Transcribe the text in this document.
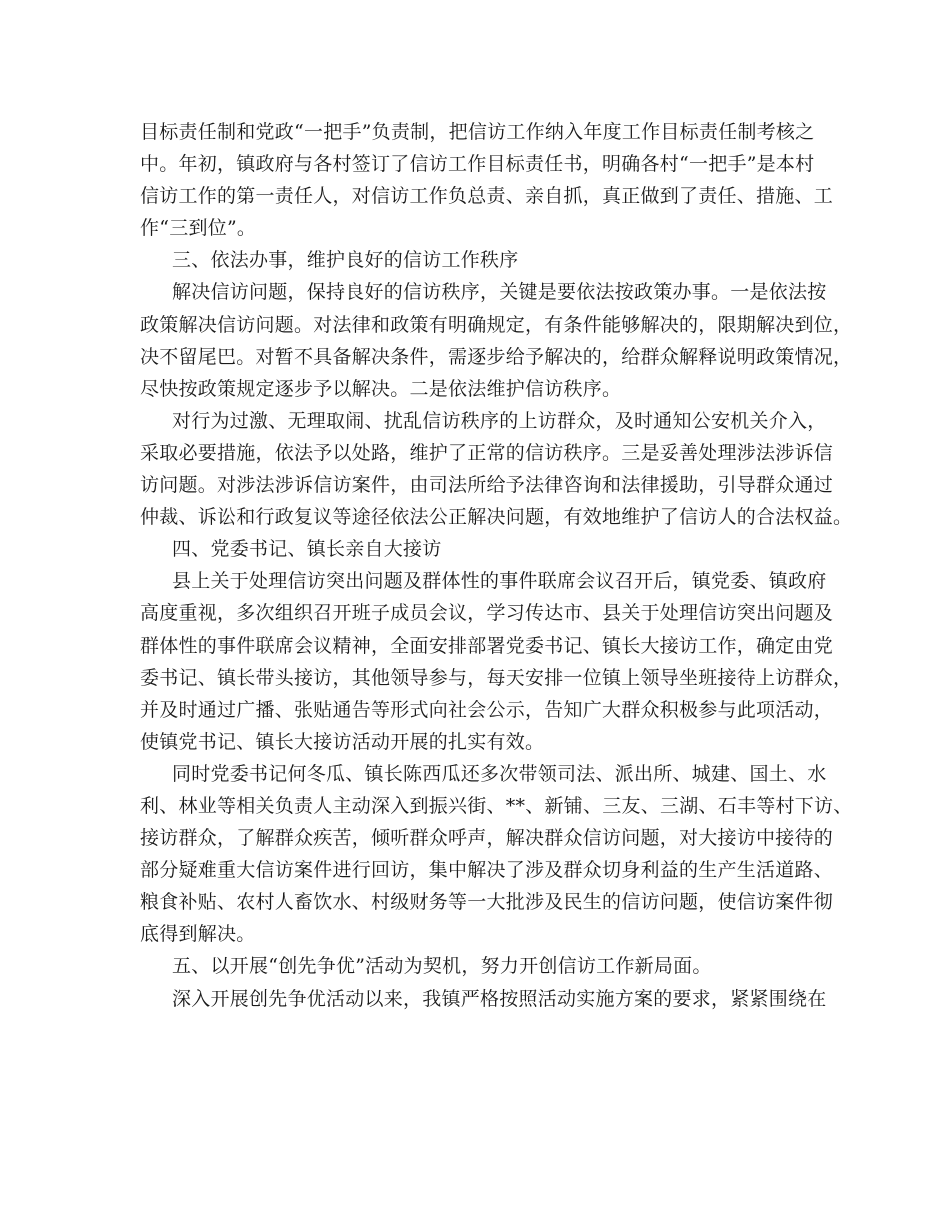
目标责任制和党政“一把手”负责制，把信访工作纳入年度工作目标责任制考核之
中。年初，镇政府与各村签订了信访工作目标责任书，明确各村“一把手”是本村
信访工作的第一责任人，对信访工作负总责、亲自抓，真正做到了责任、措施、工
作“三到位”。
三、依法办事，维护良好的信访工作秩序
解决信访问题，保持良好的信访秩序，关键是要依法按政策办事。一是依法按
政策解决信访问题。对法律和政策有明确规定，有条件能够解决的，限期解决到位，
决不留尾巴。对暂不具备解决条件，需逐步给予解决的，给群众解释说明政策情况，
尽快按政策规定逐步予以解决。二是依法维护信访秩序。
对行为过激、无理取闹、扰乱信访秩序的上访群众，及时通知公安机关介入，
采取必要措施，依法予以处路，维护了正常的信访秩序。三是妥善处理涉法涉诉信
访问题。对涉法涉诉信访案件，由司法所给予法律咨询和法律援助，引导群众通过
仲裁、诉讼和行政复议等途径依法公正解决问题，有效地维护了信访人的合法权益。
四、党委书记、镇长亲自大接访
县上关于处理信访突出问题及群体性的事件联席会议召开后，镇党委、镇政府
高度重视，多次组织召开班子成员会议，学习传达市、县关于处理信访突出问题及
群体性的事件联席会议精神，全面安排部署党委书记、镇长大接访工作，确定由党
委书记、镇长带头接访，其他领导参与，每天安排一位镇上领导坐班接待上访群众，
并及时通过广播、张贴通告等形式向社会公示，告知广大群众积极参与此项活动，
使镇党书记、镇长大接访活动开展的扎实有效。
同时党委书记何冬瓜、镇长陈西瓜还多次带领司法、派出所、城建、国土、水
利、林业等相关负责人主动深入到振兴街、**、新铺、三友、三湖、石丰等村下访、
接访群众，了解群众疾苦，倾听群众呼声，解决群众信访问题，对大接访中接待的
部分疑难重大信访案件进行回访，集中解决了涉及群众切身利益的生产生活道路、
粮食补贴、农村人畜饮水、村级财务等一大批涉及民生的信访问题，使信访案件彻
底得到解决。
五、以开展“创先争优”活动为契机，努力开创信访工作新局面。
深入开展创先争优活动以来，我镇严格按照活动实施方案的要求，紧紧围绕在
